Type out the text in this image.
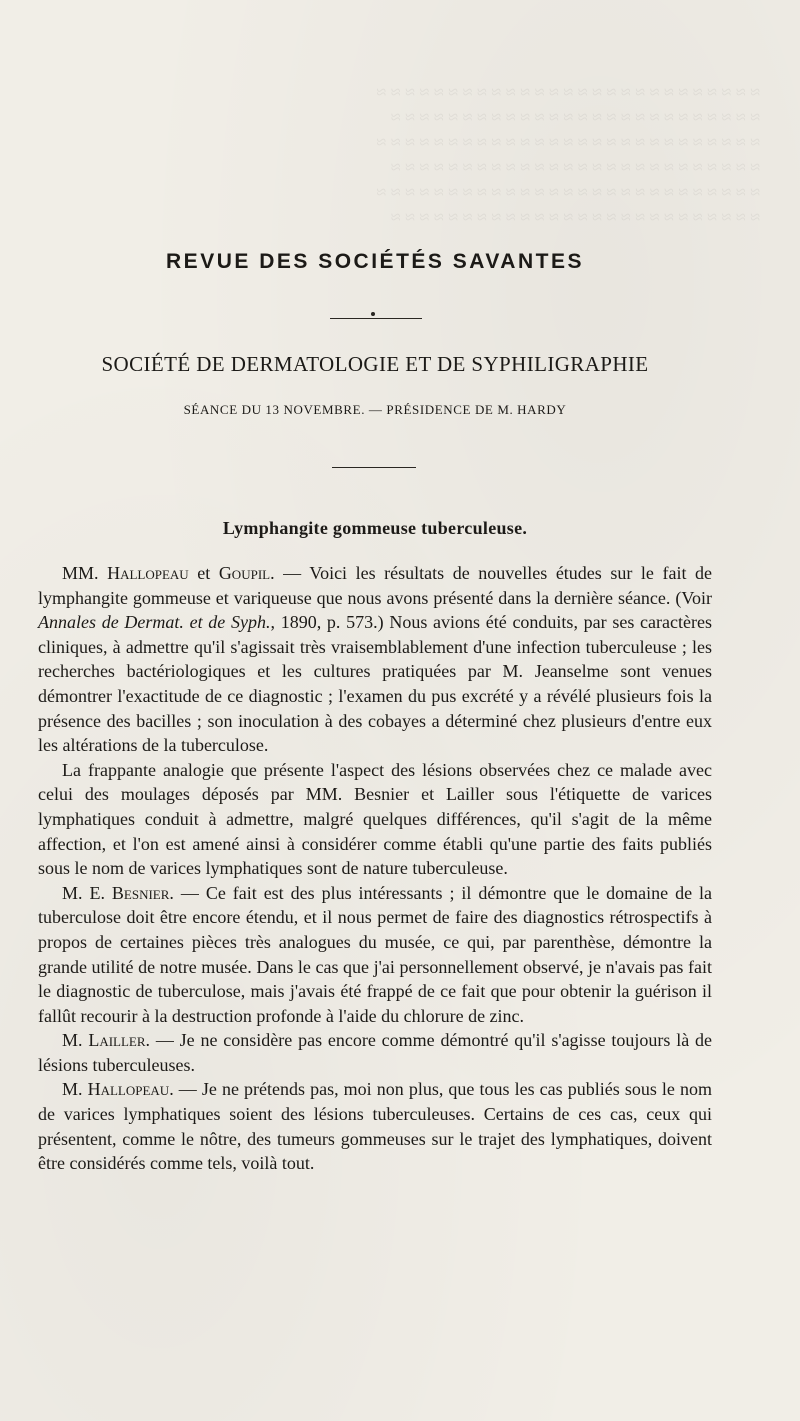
REVUE DES SOCIÉTÉS SAVANTES
SOCIÉTÉ DE DERMATOLOGIE ET DE SYPHILIGRAPHIE
SÉANCE DU 13 NOVEMBRE. — PRÉSIDENCE DE M. HARDY
Lymphangite gommeuse tuberculeuse.

MM. Hallopeau et Goupil. — Voici les résultats de nouvelles études sur le fait de lymphangite gommeuse et variqueuse que nous avons présenté dans la dernière séance. (Voir Annales de Dermat. et de Syph., 1890, p. 573.) Nous avions été conduits, par ses caractères cliniques, à admettre qu'il s'agissait très vraisemblablement d'une infection tuberculeuse ; les recherches bactériologiques et les cultures pratiquées par M. Jeanselme sont venues démontrer l'exactitude de ce diagnostic ; l'examen du pus excrété y a révélé plusieurs fois la présence des bacilles ; son inoculation à des cobayes a déterminé chez plusieurs d'entre eux les altérations de la tuberculose.

La frappante analogie que présente l'aspect des lésions observées chez ce malade avec celui des moulages déposés par MM. Besnier et Lailler sous l'étiquette de varices lymphatiques conduit à admettre, malgré quelques différences, qu'il s'agit de la même affection, et l'on est amené ainsi à considérer comme établi qu'une partie des faits publiés sous le nom de varices lymphatiques sont de nature tuberculeuse.

M. E. Besnier. — Ce fait est des plus intéressants ; il démontre que le domaine de la tuberculose doit être encore étendu, et il nous permet de faire des diagnostics rétrospectifs à propos de certaines pièces très analogues du musée, ce qui, par parenthèse, démontre la grande utilité de notre musée. Dans le cas que j'ai personnellement observé, je n'avais pas fait le diagnostic de tuberculose, mais j'avais été frappé de ce fait que pour obtenir la guérison il fallût recourir à la destruction profonde à l'aide du chlorure de zinc.

M. Lailler. — Je ne considère pas encore comme démontré qu'il s'agisse toujours là de lésions tuberculeuses.

M. Hallopeau. — Je ne prétends pas, moi non plus, que tous les cas publiés sous le nom de varices lymphatiques soient des lésions tuberculeuses. Certains de ces cas, ceux qui présentent, comme le nôtre, des tumeurs gommeuses sur le trajet des lymphatiques, doivent être considérés comme tels, voilà tout.
